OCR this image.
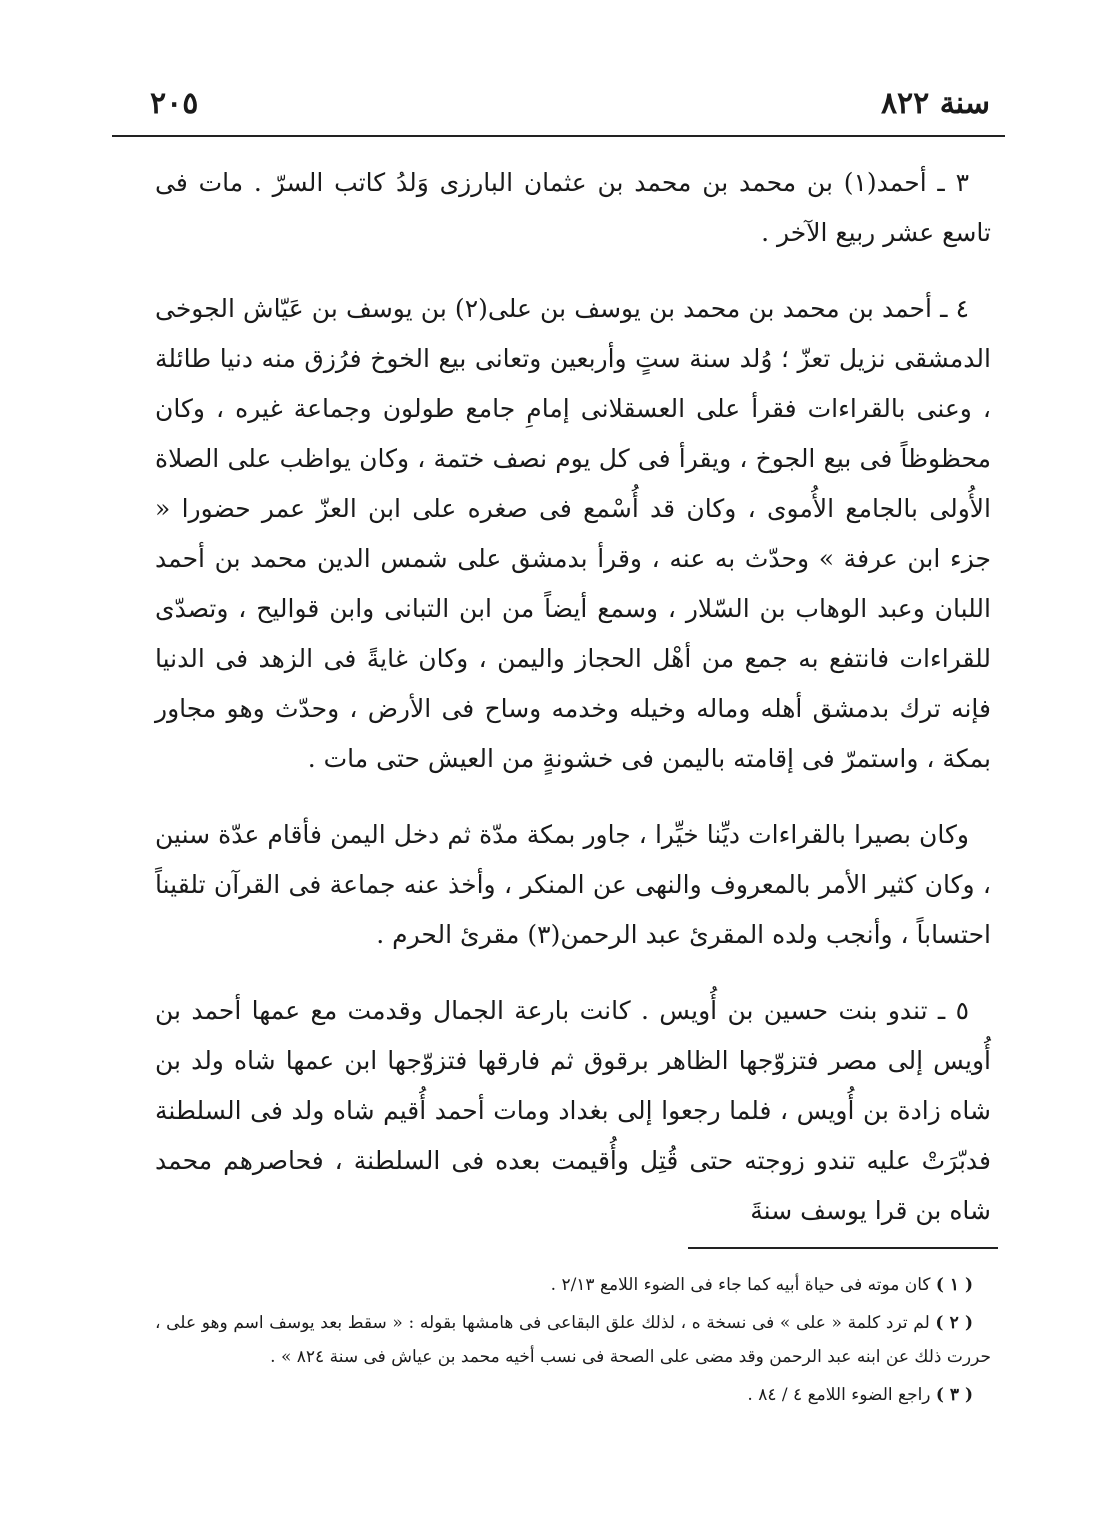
سنة ٨٢٢
٢٠٥

٣ ـ أحمد(١) بن محمد بن محمد بن عثمان البارزى وَلدُ كاتب السرّ . مات فى تاسع عشر ربيع الآخر .

٤ ـ أحمد بن محمد بن محمد بن يوسف بن على(٢) بن يوسف بن عَيّاش الجوخى الدمشقى نزيل تعزّ ؛ وُلد سنة ستٍ وأربعين وتعانى بيع الخوخ فرُزق منه دنيا طائلة ، وعنى بالقراءات فقرأ على العسقلانى إمامِ جامع طولون وجماعة غيره ، وكان محظوظاً فى بيع الجوخ ، ويقرأ فى كل يوم نصف ختمة ، وكان يواظب على الصلاة الأُولى بالجامع الأُموى ، وكان قد أُسْمع فى صغره على ابن العزّ عمر حضورا « جزء ابن عرفة » وحدّث به عنه ، وقرأ بدمشق على شمس الدين محمد بن أحمد اللبان وعبد الوهاب بن السّلار ، وسمع أيضاً من ابن التبانى وابن قواليح ، وتصدّى للقراءات فانتفع به جمع من أهْل الحجاز واليمن ، وكان غايةً فى الزهد فى الدنيا فإنه ترك بدمشق أهله وماله وخيله وخدمه وساح فى الأرض ، وحدّث وهو مجاور بمكة ، واستمرّ فى إقامته باليمن فى خشونةٍ من العيش حتى مات .

وكان بصيرا بالقراءات ديِّنا خيِّرا ، جاور بمكة مدّة ثم دخل اليمن فأقام عدّة سنين ، وكان كثير الأمر بالمعروف والنهى عن المنكر ، وأخذ عنه جماعة فى القرآن تلقيناً احتساباً ، وأنجب ولده المقرئ عبد الرحمن(٣) مقرئ الحرم .

٥ ـ تندو بنت حسين بن أُويس . كانت بارعة الجمال وقدمت مع عمها أحمد بن أُويس إلى مصر فتزوّجها الظاهر برقوق ثم فارقها فتزوّجها ابن عمها شاه ولد بن شاه زادة بن أُويس ، فلما رجعوا إلى بغداد ومات أحمد أُقيم شاه ولد فى السلطنة فدبّرَتْ عليه تندو زوجته حتى قُتِل وأُقيمت بعده فى السلطنة ، فحاصرهم محمد شاه بن قرا يوسف سنةَ

( ١ ) كان موته فى حياة أبيه كما جاء فى الضوء اللامع ٢/١٣ .

( ٢ ) لم ترد كلمة « على » فى نسخة ه ، لذلك علق البقاعى فى هامشها بقوله : « سقط بعد يوسف اسم وهو على ، حررت ذلك عن ابنه عبد الرحمن وقد مضى على الصحة فى نسب أخيه محمد بن عياش فى سنة ٨٢٤ » .

( ٣ ) راجع الضوء اللامع ٤ / ٨٤ .
